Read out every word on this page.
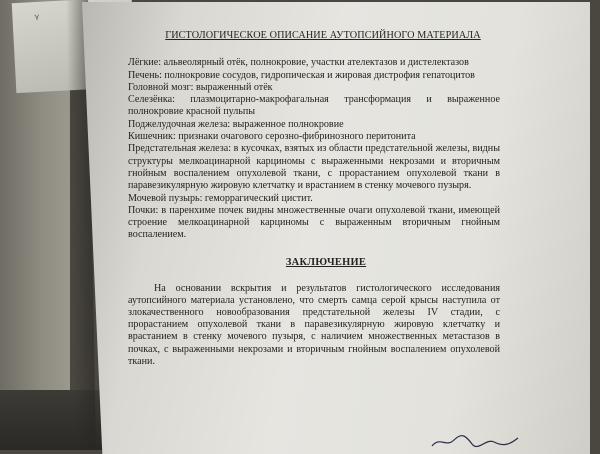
ᵞ
ГИСТОЛОГИЧЕСКОЕ ОПИСАНИЕ АУТОПСИЙНОГО МАТЕРИАЛА

Лёгкие: альвеолярный отёк, полнокровие, участки ателектазов и дистелектазов

Печень: полнокровие сосудов, гидропическая и жировая дистрофия гепатоцитов

Головной мозг: выраженный отёк

Селезёнка: плазмоцитарно-макрофагальная трансформация и выраженное полнокровие красной пульпы

Поджелудочная железа: выраженное полнокровие

Кишечник: признаки очагового серозно-фибринозного перитонита

Предстательная железа: в кусочках, взятых из области предстательной железы, видны структуры мелкоацинарной карциномы с выраженными некрозами и вторичным гнойным воспалением опухолевой ткани, с прорастанием опухолевой ткани в паравезикулярную жировую клетчатку и врастанием в стенку мочевого пузыря.

Мочевой пузырь: геморрагический цистит.

Почки: в паренхиме почек видны множественные очаги опухолевой ткани, имеющей строение мелкоацинарной карциномы с выраженным вторичным гнойным воспалением.

ЗАКЛЮЧЕНИЕ

На основании вскрытия и результатов гистологического исследования аутопсийного материала установлено, что смерть самца серой крысы наступила от злокачественного новообразования предстательной железы IV стадии, с прорастанием опухолевой ткани в паравезикулярную жировую клетчатку и врастанием в стенку мочевого пузыря, с наличием множественных метастазов в почках, с выраженными некрозами и вторичным гнойным воспалением опухолевой ткани.
